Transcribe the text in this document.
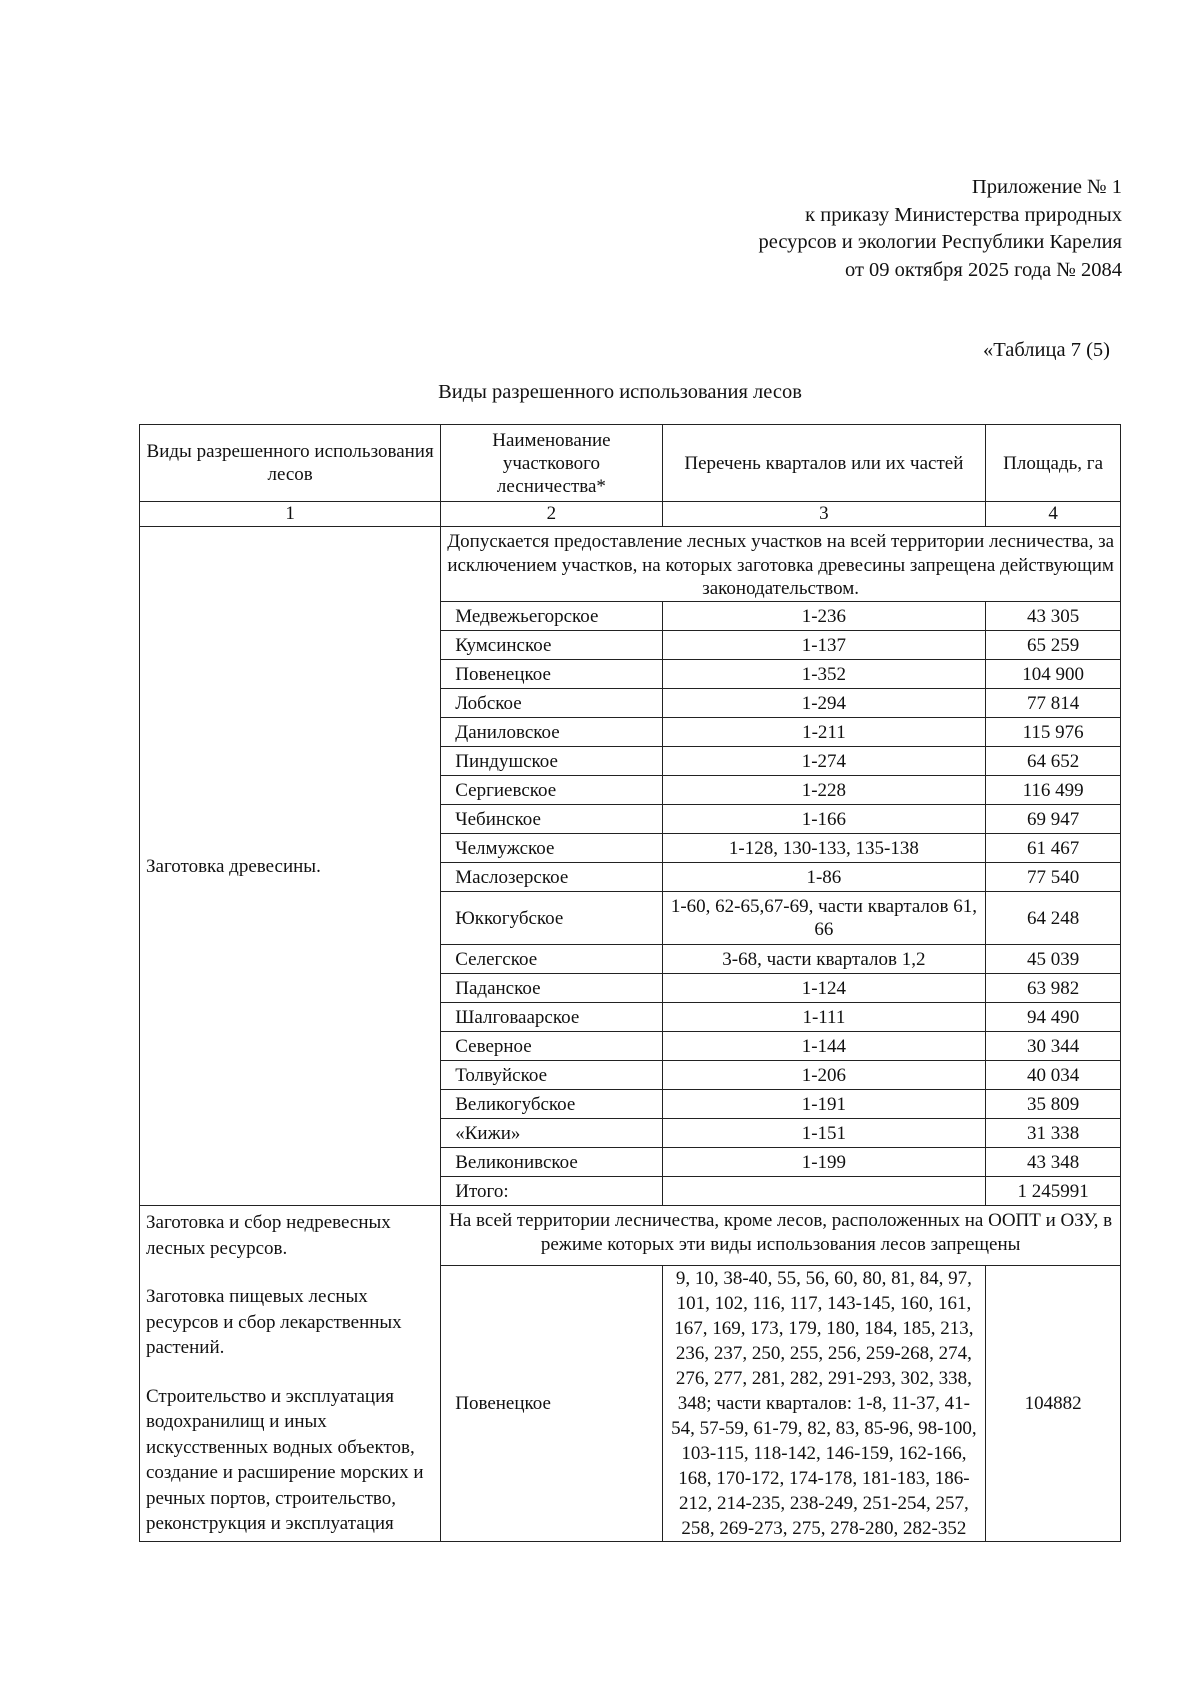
Приложение № 1
к приказу Министерства природных
ресурсов и экологии Республики Карелия
от 09 октября 2025 года № 2084
«Таблица 7 (5)
Виды разрешенного использования лесов
Виды разрешенного использования лесов	Наименование участкового лесничества*	Перечень кварталов или их частей	Площадь, га
1	2	3	4
Заготовка древесины.	Допускается предоставление лесных участков на всей территории лесничества, за исключением участков, на которых заготовка древесины запрещена действующим законодательством.		
	Медвежьегорское	1-236	43 305
	Кумсинское	1-137	65 259
	Повенецкое	1-352	104 900
	Лобское	1-294	77 814
	Даниловское	1-211	115 976
	Пиндушское	1-274	64 652
	Сергиевское	1-228	116 499
	Чебинское	1-166	69 947
	Челмужское	1-128, 130-133, 135-138	61 467
	Маслозерское	1-86	77 540
	Юккогубское	1-60, 62-65,67-69, части кварталов 61, 66	64 248
	Селегское	3-68, части кварталов 1,2	45 039
	Паданское	1-124	63 982
	Шалговаарское	1-111	94 490
	Северное	1-144	30 344
	Толвуйское	1-206	40 034
	Великогубское	1-191	35 809
	«Кижи»	1-151	31 338
	Великонивское	1-199	43 348
	Итого:		1 245991

Заготовка и сбор недревесных лесных ресурсов.
Заготовка пищевых лесных ресурсов и сбор лекарственных растений.
Строительство и эксплуатация водохранилищ и иных искусственных водных объектов, создание и расширение морских и речных портов, строительство, реконструкция и эксплуатация	На всей территории лесничества, кроме лесов, расположенных на ООПТ и ОЗУ, в режиме которых эти виды использования лесов запрещены		
	Повенецкое	9, 10, 38-40, 55, 56, 60, 80, 81, 84, 97, 101, 102, 116, 117, 143-145, 160, 161, 167, 169, 173, 179, 180, 184, 185, 213, 236, 237, 250, 255, 256, 259-268, 274, 276, 277, 281, 282, 291-293, 302, 338, 348; части кварталов: 1-8, 11-37, 41-54, 57-59, 61-79, 82, 83, 85-96, 98-100, 103-115, 118-142, 146-159, 162-166, 168, 170-172, 174-178, 181-183, 186-212, 214-235, 238-249, 251-254, 257, 258, 269-273, 275, 278-280, 282-352	104882
